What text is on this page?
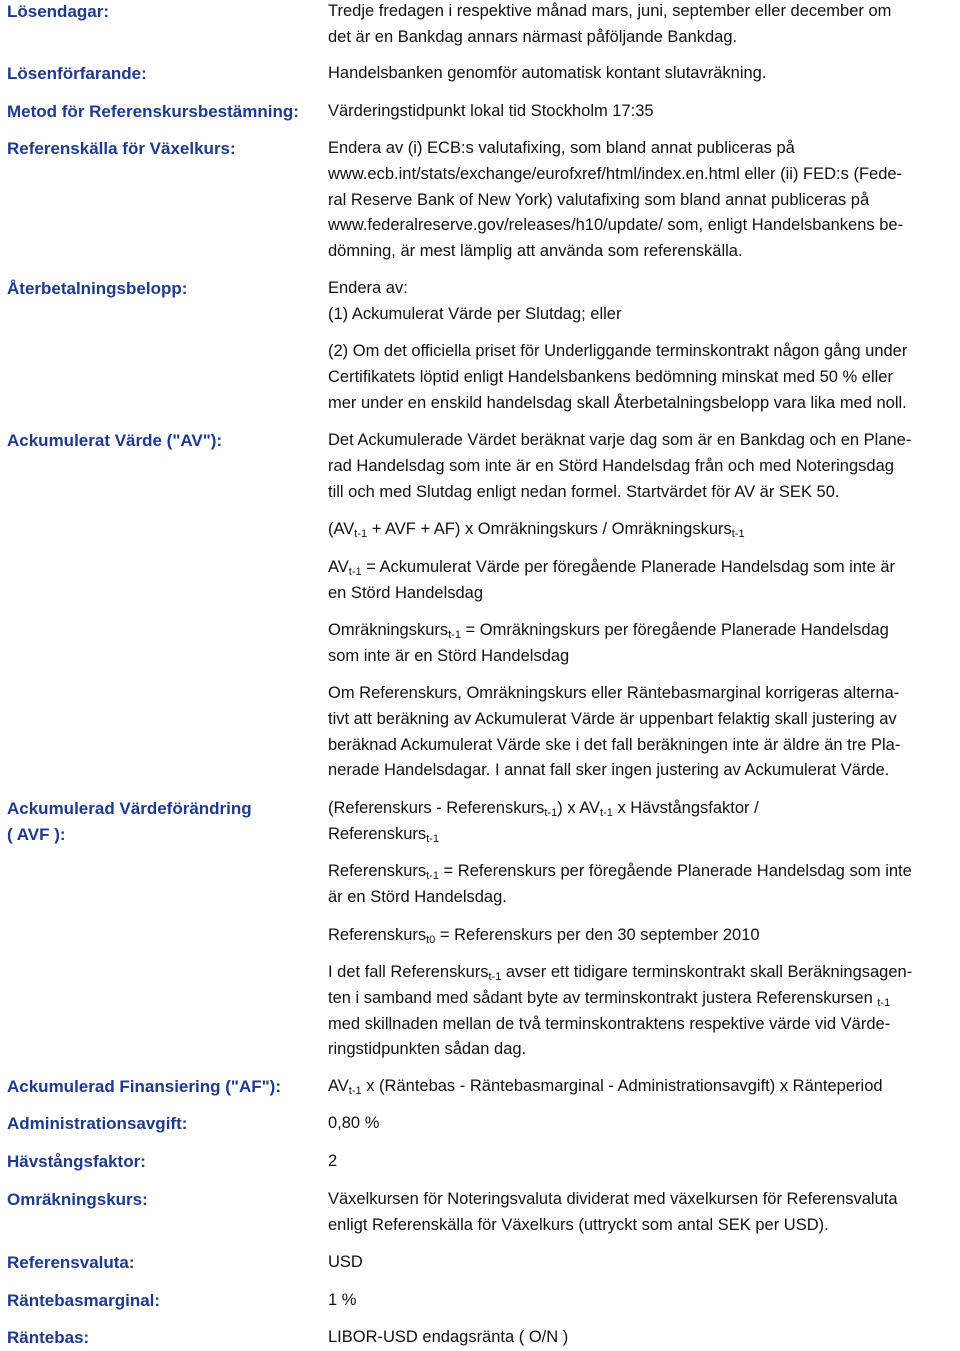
Lösendagar:	Tredje fredagen i respektive månad mars, juni, september eller december om

det är en Bankdag annars närmast påföljande Bankdag.

Lösenförfarande:	Handelsbanken genomför automatisk kontant slutavräkning.
Metod för Referenskursbestämning: Värderingstidpunkt lokal tid Stockholm 17:35
Referenskälla för Växelkurs:	Endera av (i) ECB:s valutafixing, som bland annat publiceras på

www.ecb.int/stats/exchange/eurofxref/html/index.en.html eller (ii) FED:s (Fede-

ral Reserve Bank of New York) valutafixing som bland annat publiceras på

www.federalreserve.gov/releases/h10/update/ som, enligt Handelsbankens be-

dömning, är mest lämplig att använda som referenskälla.

Återbetalningsbelopp:	Endera av:

(1) Ackumulerat Värde per Slutdag; eller

(2) Om det officiella priset för Underliggande terminskontrakt någon gång under

Certifikatets löptid enligt Handelsbankens bedömning minskat med 50 % eller

mer under en enskild handelsdag skall Återbetalningsbelopp vara lika med noll.

Ackumulerat Värde ("AV"):	Det Ackumulerade Värdet beräknat varje dag som är en Bankdag och en Plane-

rad Handelsdag som inte är en Störd Handelsdag från och med Noteringsdag

till och med Slutdag enligt nedan formel. Startvärdet för AV är SEK 50.

($AV_{t-1}$ + AVF + AF) x Omräkningskurs / Omräkningskurs$_{t-1}$

$AV_{t-1}$ = Ackumulerat Värde per föregående Planerade Handelsdag som inte är

en Störd Handelsdag

Omräkningskurs$_{t-1}$ = Omräkningskurs per föregående Planerade Handelsdag

som inte är en Störd Handelsdag

Om Referenskurs, Omräkningskurs eller Räntebasmarginal korrigeras alterna-

tivt att beräkning av Ackumulerat Värde är uppenbart felaktig skall justering av

beräknad Ackumulerat Värde ske i det fall beräkningen inte är äldre än tre Pla-

nerade Handelsdagar. I annat fall sker ingen justering av Ackumulerat Värde.

Ackumulerad Värdeförändring
( AVF ):

(Referenskurs - Referenskurs$_{t-1}$) x $AV_{t-1}$ x Hävstångsfaktor /

Referenskurs$_{t-1}$

Referenskurs$_{t-1}$ = Referenskurs per föregående Planerade Handelsdag som inte

är en Störd Handelsdag.

Referenskurs$_{t0}$ = Referenskurs per den 30 september 2010

I det fall Referenskurs$_{t-1}$ avser ett tidigare terminskontrakt skall Beräkningsagen-

ten i samband med sådant byte av terminskontrakt justera Referenskursen $_{t-1}$

med skillnaden mellan de två terminskontraktens respektive värde vid Värde-

ringstidpunkten sådan dag.

Ackumulerad Finansiering ("AF"):	$AV_{t-1}$ x (Räntebas - Räntebasmarginal - Administrationsavgift) x Ränteperiod
Administrationsavgift:	0,80 %
Hävstångsfaktor:	2
Omräkningskurs:	Växelkursen för Noteringsvaluta dividerat med växelkursen för Referensvaluta

enligt Referenskälla för Växelkurs (uttryckt som antal SEK per USD).

Referensvaluta:	USD
Räntebasmarginal:	1 %
Räntebas:	LIBOR-USD endagsränta ( O/N )
